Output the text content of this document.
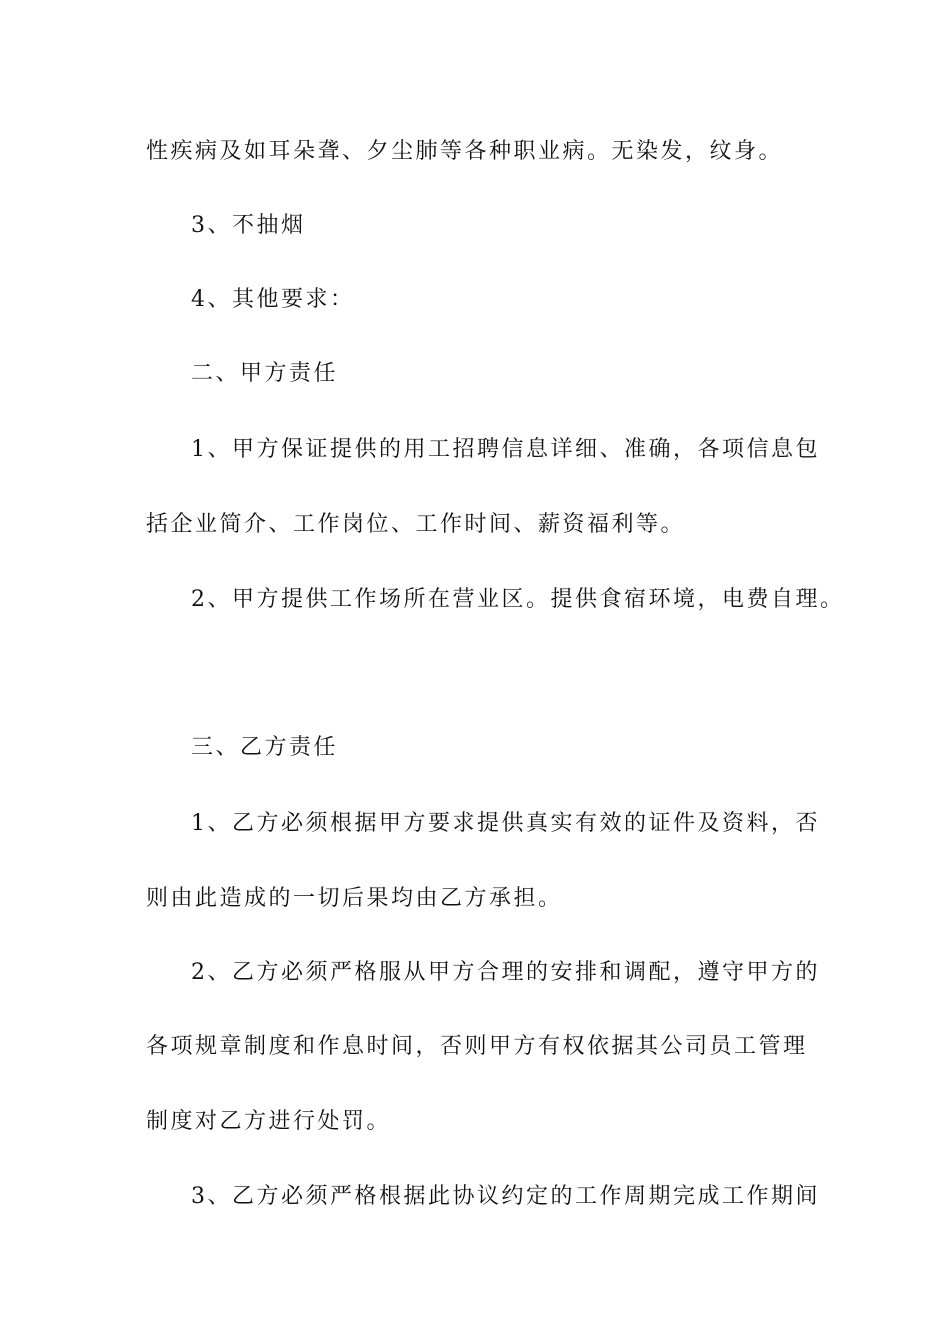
性疾病及如耳朵聋、夕尘肺等各种职业病。无染发，纹身。
3、不抽烟
4、其他要求：
二、甲方责任
1、甲方保证提供的用工招聘信息详细、准确，各项信息包
括企业简介、工作岗位、工作时间、薪资福利等。
2、甲方提供工作场所在营业区。提供食宿环境，电费自理。
三、乙方责任
1、乙方必须根据甲方要求提供真实有效的证件及资料，否
则由此造成的一切后果均由乙方承担。
2、乙方必须严格服从甲方合理的安排和调配，遵守甲方的
各项规章制度和作息时间，否则甲方有权依据其公司员工管理
制度对乙方进行处罚。
3、乙方必须严格根据此协议约定的工作周期完成工作期间
